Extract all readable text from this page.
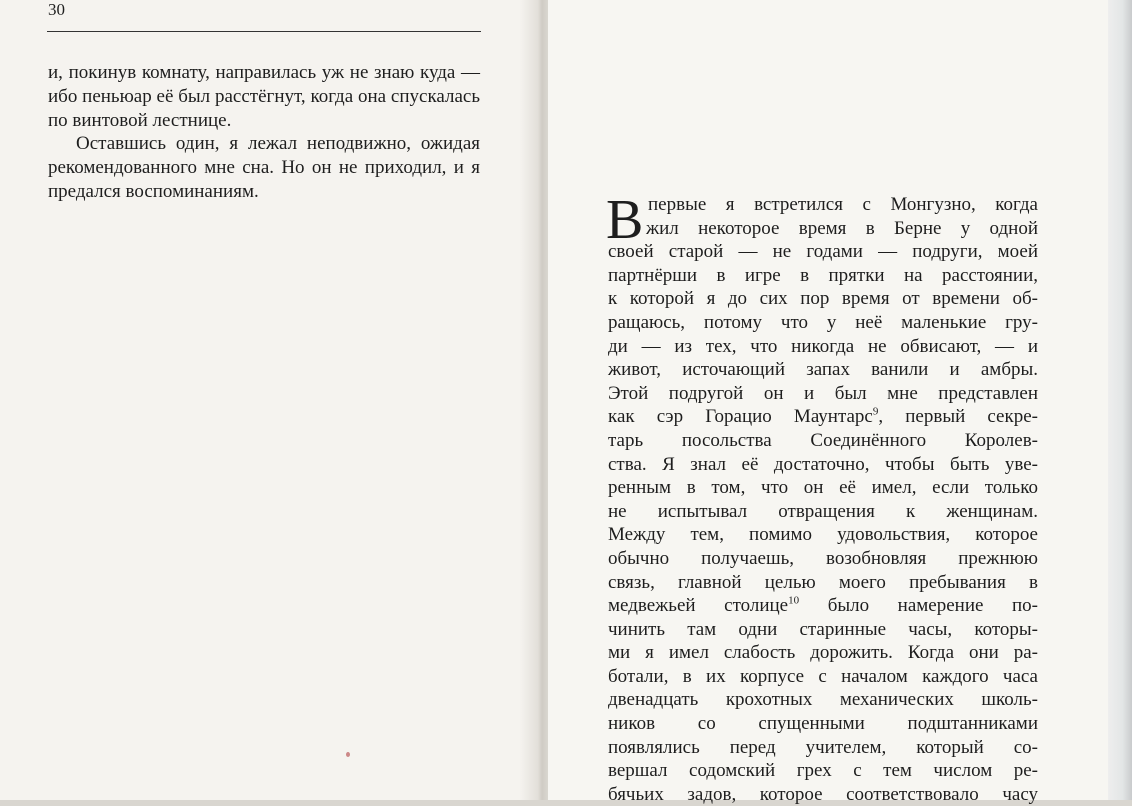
30

и, покинув комнату, направилась уж не знаю куда — ибо пеньюар её был расстёгнут, когда она спускалась по винтовой лестнице.

Оставшись один, я лежал неподвижно, ожидая рекомендованного мне сна. Но он не приходил, и я предался воспоминаниям.	В первые я встретился с Монгузно, когда
жил некоторое время в Берне у одной
своей старой — не годами — подруги, моей
партнёрши в игре в прятки на расстоянии,
к которой я до сих пор время от времени об-
ращаюсь, потому что у неё маленькие гру-
ди — из тех, что никогда не обвисают, — и
живот, источающий запах ванили и амбры.
Этой подругой он и был мне представлен
как сэр Горацио Маунтарс$^9$, первый секре-
тарь посольства Соединённого Королев-
ства. Я знал её достаточно, чтобы быть уве-
ренным в том, что он её имел, если только
не испытывал отвращения к женщинам.
Между тем, помимо удовольствия, которое
обычно получаешь, возобновляя прежнюю
связь, главной целью моего пребывания в
медвежьей столице$^{10}$ было намерение по-
чинить там одни старинные часы, которы-
ми я имел слабость дорожить. Когда они ра-
ботали, в их корпусе с началом каждого часа
двенадцать крохотных механических школь-
ников со спущенными подштанниками
появлялись перед учителем, который со-
вершал содомский грех с тем числом ре-
бячьих задов, которое соответствовало часу
